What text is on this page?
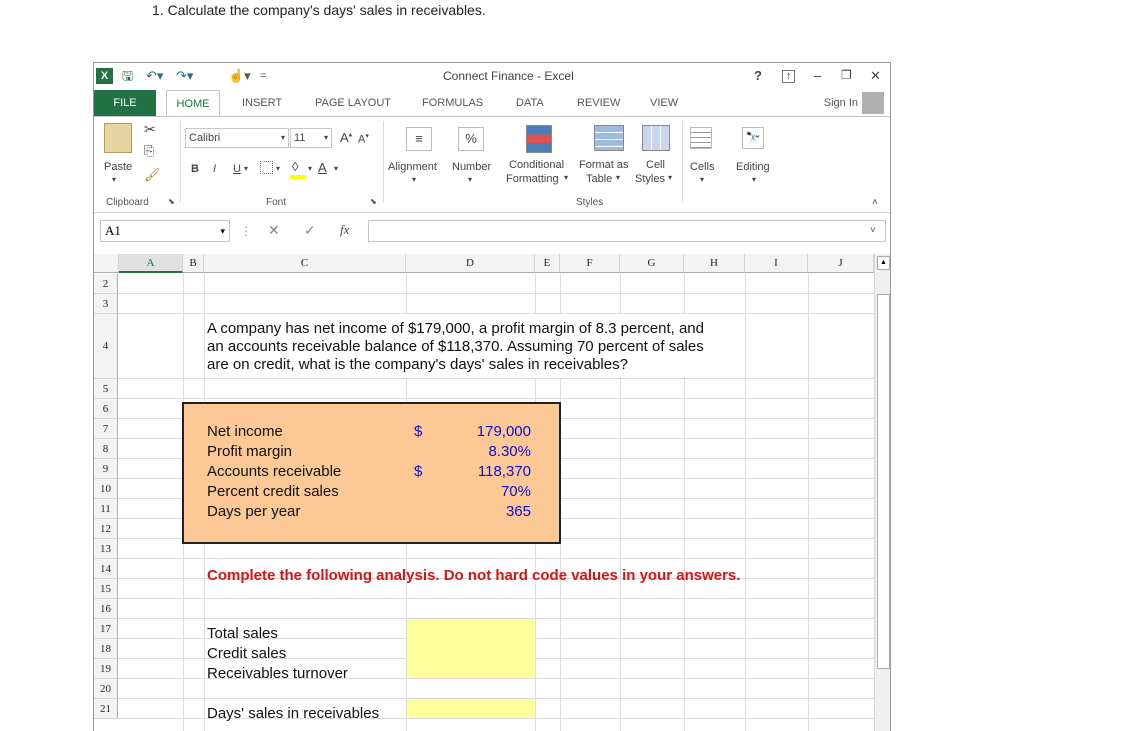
1. Calculate the company's days' sales in receivables.
X	🖫 ↶▾ ↷▾	☝▾ =	Connect Finance - Excel	?	↑ – ❐ ✕
FILE	HOME	INSERT	PAGE LAYOUT	FORMULAS	DATA	REVIEW	VIEW	Sign In
Paste
▾
✂
⎘
🖌
Clipboard ⬊
Calibri	▾ 11 ▾ A▴ A▾
B I U ▾	▾ ◊ ▾ A ▾
Font	⬊
≡
Alignment
▾
%
Number
▾
Conditional
Formatting ▾
Format as
Table ▾
Cell
Styles ▾
Styles
Cells
▾
🔭
Editing
▾
˄
A1	▾ ⋮ ✕ ✓ fx	˅
A	B	C	D	E	F	G	H	I	J
2
3
4
5
6
7
8
9
10
11
12
13
14
15
16
17
18
19
20
21
A company has net income of $179,000, a profit margin of 8.3 percent, and
an accounts receivable balance of $118,370. Assuming 70 percent of sales
are on credit, what is the company's days' sales in receivables?
Net income	$	179,000
Profit margin	8.30%
Accounts receivable	$	118,370
Percent credit sales	70%
Days per year	365
Complete the following analysis. Do not hard code values in your answers.
Total sales
Credit sales
Receivables turnover
Days' sales in receivables
▲
